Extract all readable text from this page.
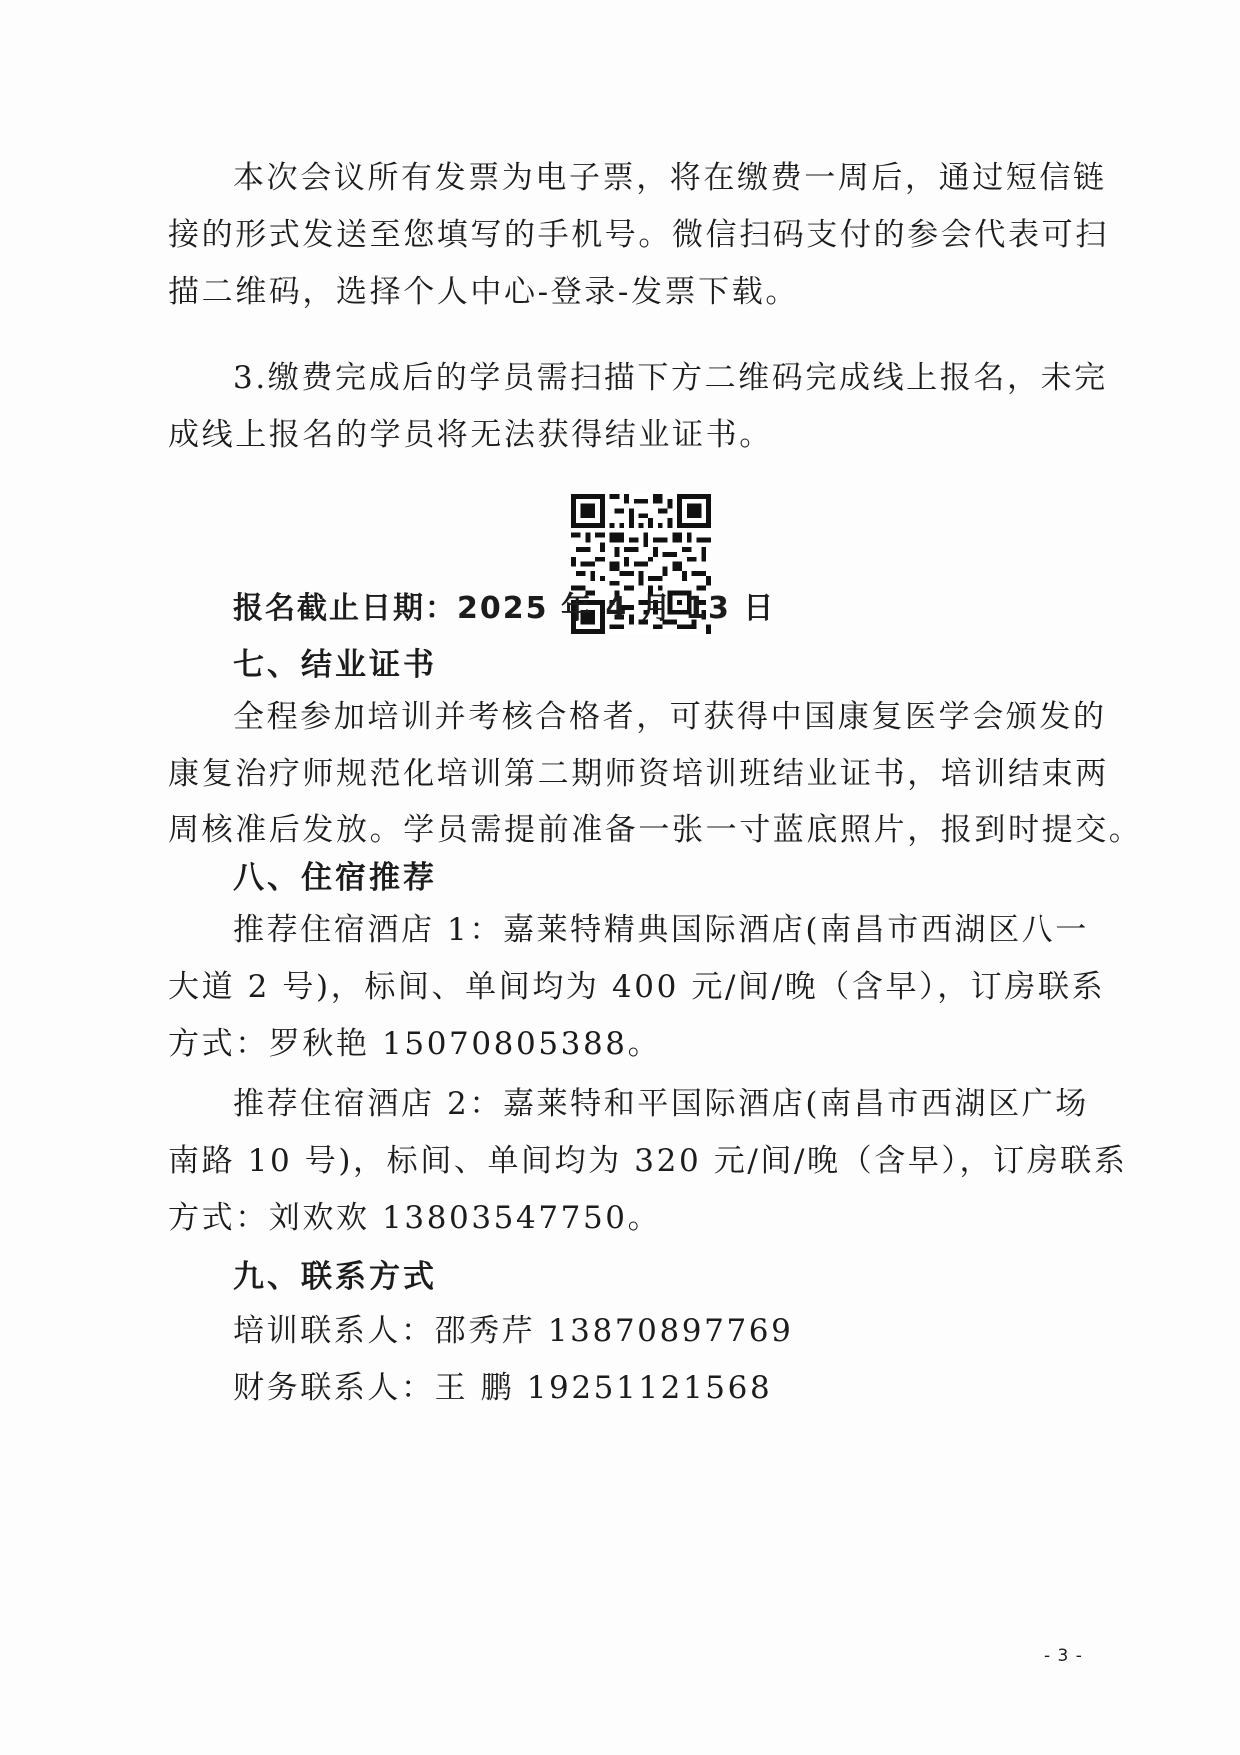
本次会议所有发票为电子票，将在缴费一周后，通过短信链
接的形式发送至您填写的手机号。微信扫码支付的参会代表可扫
描二维码，选择个人中心-登录-发票下载。
3.缴费完成后的学员需扫描下方二维码完成线上报名，未完
成线上报名的学员将无法获得结业证书。
报名截止日期：2025 年 4 月 13 日
七、结业证书
全程参加培训并考核合格者，可获得中国康复医学会颁发的
康复治疗师规范化培训第二期师资培训班结业证书，培训结束两
周核准后发放。学员需提前准备一张一寸蓝底照片，报到时提交。
八、住宿推荐
推荐住宿酒店 1：嘉莱特精典国际酒店(南昌市西湖区八一
大道 2 号)，标间、单间均为 400 元/间/晚（含早），订房联系
方式：罗秋艳 15070805388。
推荐住宿酒店 2：嘉莱特和平国际酒店(南昌市西湖区广场
南路 10 号)，标间、单间均为 320 元/间/晚（含早），订房联系
方式：刘欢欢 13803547750。
九、联系方式
培训联系人：邵秀芹 13870897769
财务联系人：王 鹏 19251121568
- 3 -
